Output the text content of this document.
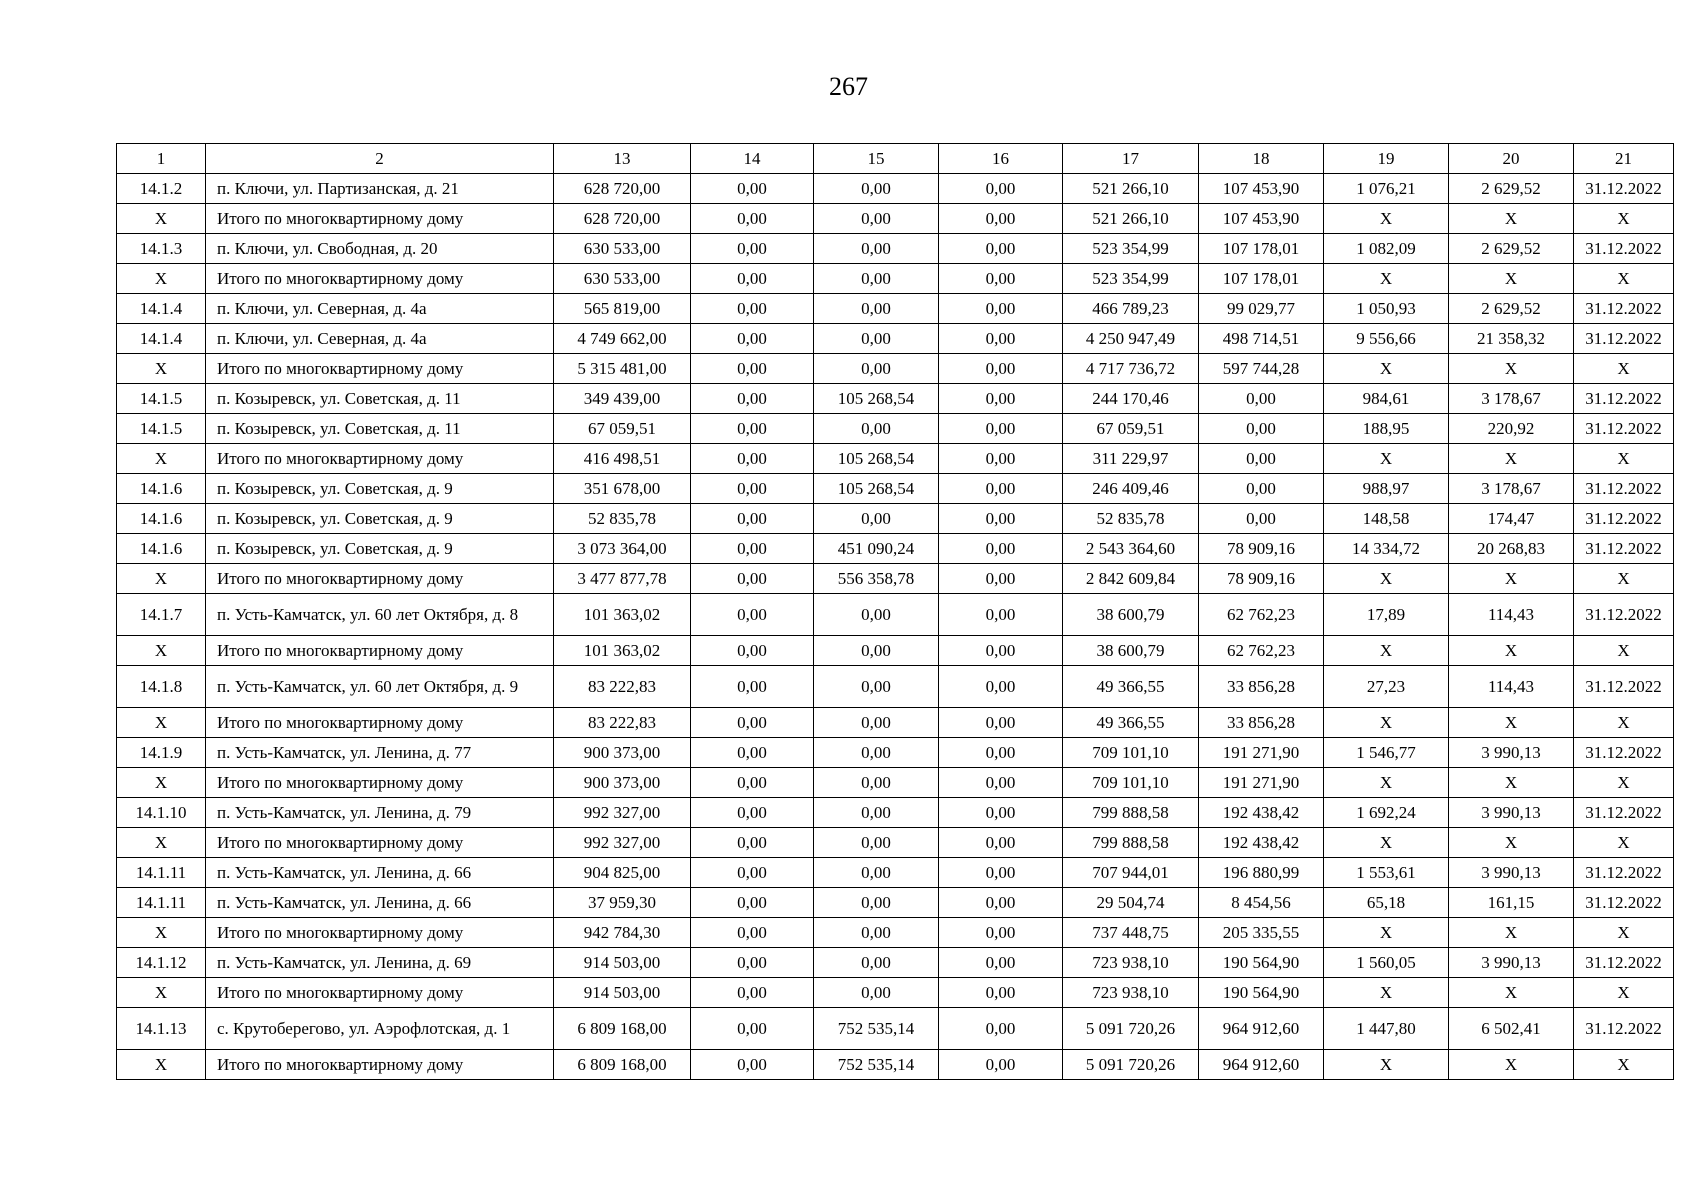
267
1	2	13	14	15	16	17	18	19	20	21
14.1.2	п. Ключи, ул. Партизанская, д. 21	628 720,00	0,00	0,00	0,00	521 266,10	107 453,90	1 076,21	2 629,52	31.12.2022
X	Итого по многоквартирному дому	628 720,00	0,00	0,00	0,00	521 266,10	107 453,90	X	X	X
14.1.3	п. Ключи, ул. Свободная, д. 20	630 533,00	0,00	0,00	0,00	523 354,99	107 178,01	1 082,09	2 629,52	31.12.2022
X	Итого по многоквартирному дому	630 533,00	0,00	0,00	0,00	523 354,99	107 178,01	X	X	X
14.1.4	п. Ключи, ул. Северная, д. 4а	565 819,00	0,00	0,00	0,00	466 789,23	99 029,77	1 050,93	2 629,52	31.12.2022
14.1.4	п. Ключи, ул. Северная, д. 4а	4 749 662,00	0,00	0,00	0,00	4 250 947,49	498 714,51	9 556,66	21 358,32	31.12.2022
X	Итого по многоквартирному дому	5 315 481,00	0,00	0,00	0,00	4 717 736,72	597 744,28	X	X	X
14.1.5	п. Козыревск, ул. Советская, д. 11	349 439,00	0,00	105 268,54	0,00	244 170,46	0,00	984,61	3 178,67	31.12.2022
14.1.5	п. Козыревск, ул. Советская, д. 11	67 059,51	0,00	0,00	0,00	67 059,51	0,00	188,95	220,92	31.12.2022
X	Итого по многоквартирному дому	416 498,51	0,00	105 268,54	0,00	311 229,97	0,00	X	X	X
14.1.6	п. Козыревск, ул. Советская, д. 9	351 678,00	0,00	105 268,54	0,00	246 409,46	0,00	988,97	3 178,67	31.12.2022
14.1.6	п. Козыревск, ул. Советская, д. 9	52 835,78	0,00	0,00	0,00	52 835,78	0,00	148,58	174,47	31.12.2022
14.1.6	п. Козыревск, ул. Советская, д. 9	3 073 364,00	0,00	451 090,24	0,00	2 543 364,60	78 909,16	14 334,72	20 268,83	31.12.2022
X	Итого по многоквартирному дому	3 477 877,78	0,00	556 358,78	0,00	2 842 609,84	78 909,16	X	X	X
14.1.7	п. Усть-Камчатск, ул. 60 лет Октября, д. 8	101 363,02	0,00	0,00	0,00	38 600,79	62 762,23	17,89	114,43	31.12.2022
X	Итого по многоквартирному дому	101 363,02	0,00	0,00	0,00	38 600,79	62 762,23	X	X	X
14.1.8	п. Усть-Камчатск, ул. 60 лет Октября, д. 9	83 222,83	0,00	0,00	0,00	49 366,55	33 856,28	27,23	114,43	31.12.2022
X	Итого по многоквартирному дому	83 222,83	0,00	0,00	0,00	49 366,55	33 856,28	X	X	X
14.1.9	п. Усть-Камчатск, ул. Ленина, д. 77	900 373,00	0,00	0,00	0,00	709 101,10	191 271,90	1 546,77	3 990,13	31.12.2022
X	Итого по многоквартирному дому	900 373,00	0,00	0,00	0,00	709 101,10	191 271,90	X	X	X
14.1.10	п. Усть-Камчатск, ул. Ленина, д. 79	992 327,00	0,00	0,00	0,00	799 888,58	192 438,42	1 692,24	3 990,13	31.12.2022
X	Итого по многоквартирному дому	992 327,00	0,00	0,00	0,00	799 888,58	192 438,42	X	X	X
14.1.11	п. Усть-Камчатск, ул. Ленина, д. 66	904 825,00	0,00	0,00	0,00	707 944,01	196 880,99	1 553,61	3 990,13	31.12.2022
14.1.11	п. Усть-Камчатск, ул. Ленина, д. 66	37 959,30	0,00	0,00	0,00	29 504,74	8 454,56	65,18	161,15	31.12.2022
X	Итого по многоквартирному дому	942 784,30	0,00	0,00	0,00	737 448,75	205 335,55	X	X	X
14.1.12	п. Усть-Камчатск, ул. Ленина, д. 69	914 503,00	0,00	0,00	0,00	723 938,10	190 564,90	1 560,05	3 990,13	31.12.2022
X	Итого по многоквартирному дому	914 503,00	0,00	0,00	0,00	723 938,10	190 564,90	X	X	X
14.1.13	с. Крутоберегово, ул. Аэрофлотская, д. 1	6 809 168,00	0,00	752 535,14	0,00	5 091 720,26	964 912,60	1 447,80	6 502,41	31.12.2022
X	Итого по многоквартирному дому	6 809 168,00	0,00	752 535,14	0,00	5 091 720,26	964 912,60	X	X	X
